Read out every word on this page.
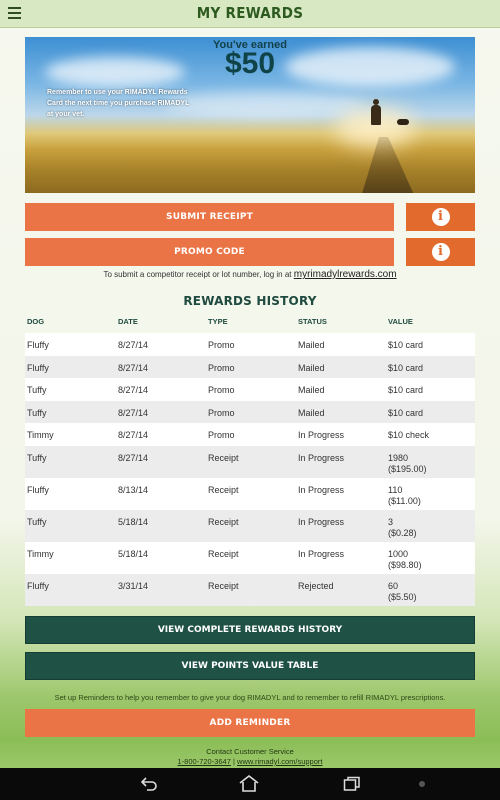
MY REWARDS
You've earned
$50
Remember to use your RIMADYL Rewards Card the next time you purchase RIMADYL at your vet.
SUBMIT RECEIPT	i
PROMO CODE	i
To submit a competitor receipt or lot number, log in at myrimadylrewards.com
REWARDS HISTORY
DOG	DATE	TYPE	STATUS	VALUE
Fluffy	8/27/14	Promo	Mailed	$10 card
Fluffy	8/27/14	Promo	Mailed	$10 card
Tuffy	8/27/14	Promo	Mailed	$10 card
Tuffy	8/27/14	Promo	Mailed	$10 card
Timmy	8/27/14	Promo	In Progress	$10 check
Tuffy	8/27/14	Receipt	In Progress	1980
($195.00)
Fluffy	8/13/14	Receipt	In Progress	110
($11.00)
Tuffy	5/18/14	Receipt	In Progress	3
($0.28)
Timmy	5/18/14	Receipt	In Progress	1000
($98.80)
Fluffy	3/31/14	Receipt	Rejected	60
($5.50)
VIEW COMPLETE REWARDS HISTORY
VIEW POINTS VALUE TABLE
Set up Reminders to help you remember to give your dog RIMADYL and to remember to refill RIMADYL prescriptions.
ADD REMINDER
Contact Customer Service
1-800-720-3647 | www.rimadyl.com/support
